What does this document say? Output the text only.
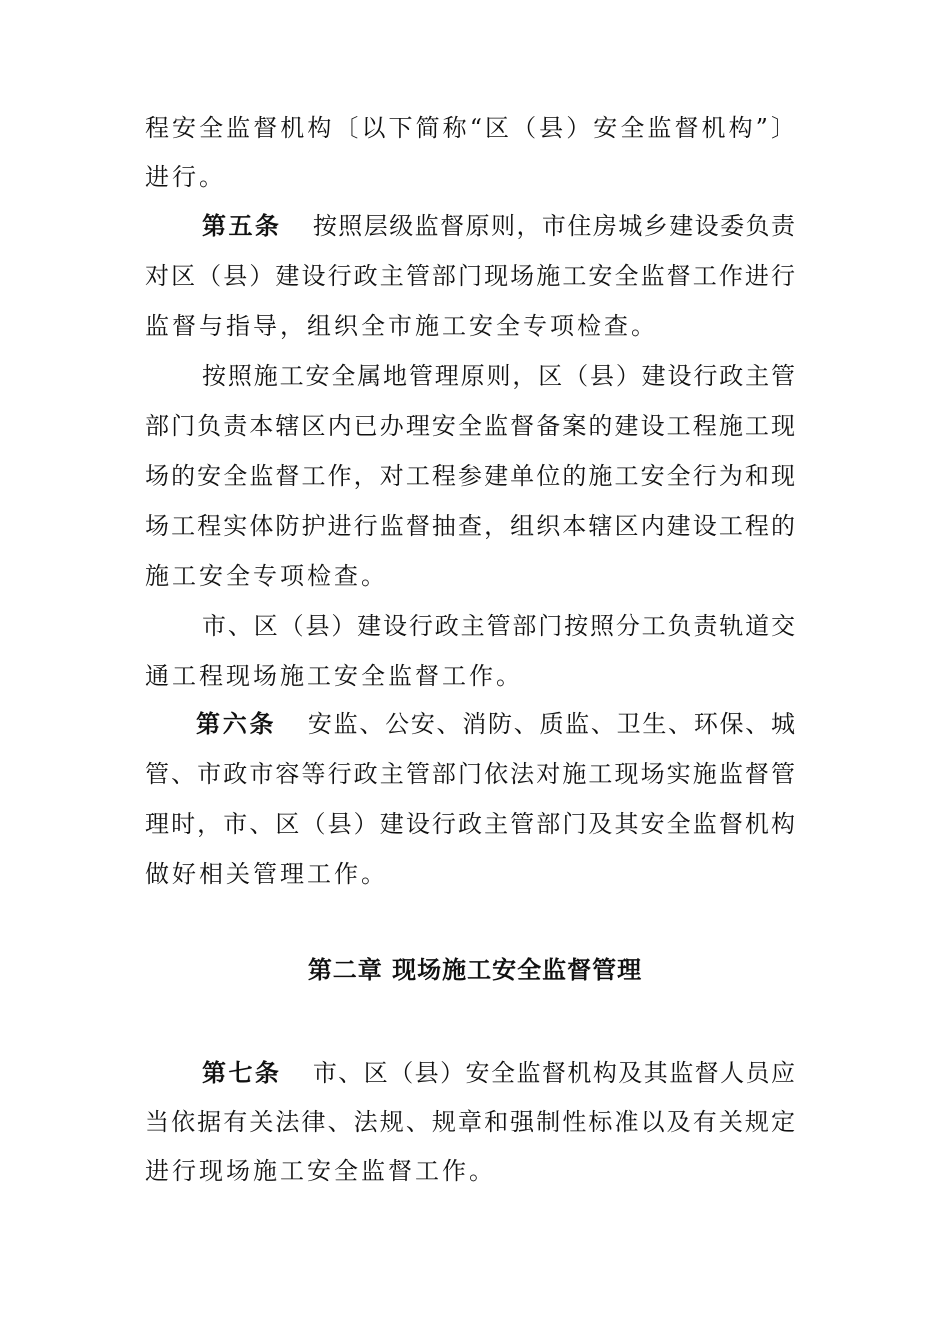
程安全监督机构〔以下简称“区（县）安全监督机构”〕
进行。
第五条 按照层级监督原则，市住房城乡建设委负责
对区（县）建设行政主管部门现场施工安全监督工作进行
监督与指导，组织全市施工安全专项检查。
按照施工安全属地管理原则，区（县）建设行政主管
部门负责本辖区内已办理安全监督备案的建设工程施工现
场的安全监督工作，对工程参建单位的施工安全行为和现
场工程实体防护进行监督抽查，组织本辖区内建设工程的
施工安全专项检查。
市、区（县）建设行政主管部门按照分工负责轨道交
通工程现场施工安全监督工作。
第六条 安监、公安、消防、质监、卫生、环保、城
管、市政市容等行政主管部门依法对施工现场实施监督管
理时，市、区（县）建设行政主管部门及其安全监督机构
做好相关管理工作。
第二章 现场施工安全监督管理
第七条 市、区（县）安全监督机构及其监督人员应
当依据有关法律、法规、规章和强制性标准以及有关规定
进行现场施工安全监督工作。
